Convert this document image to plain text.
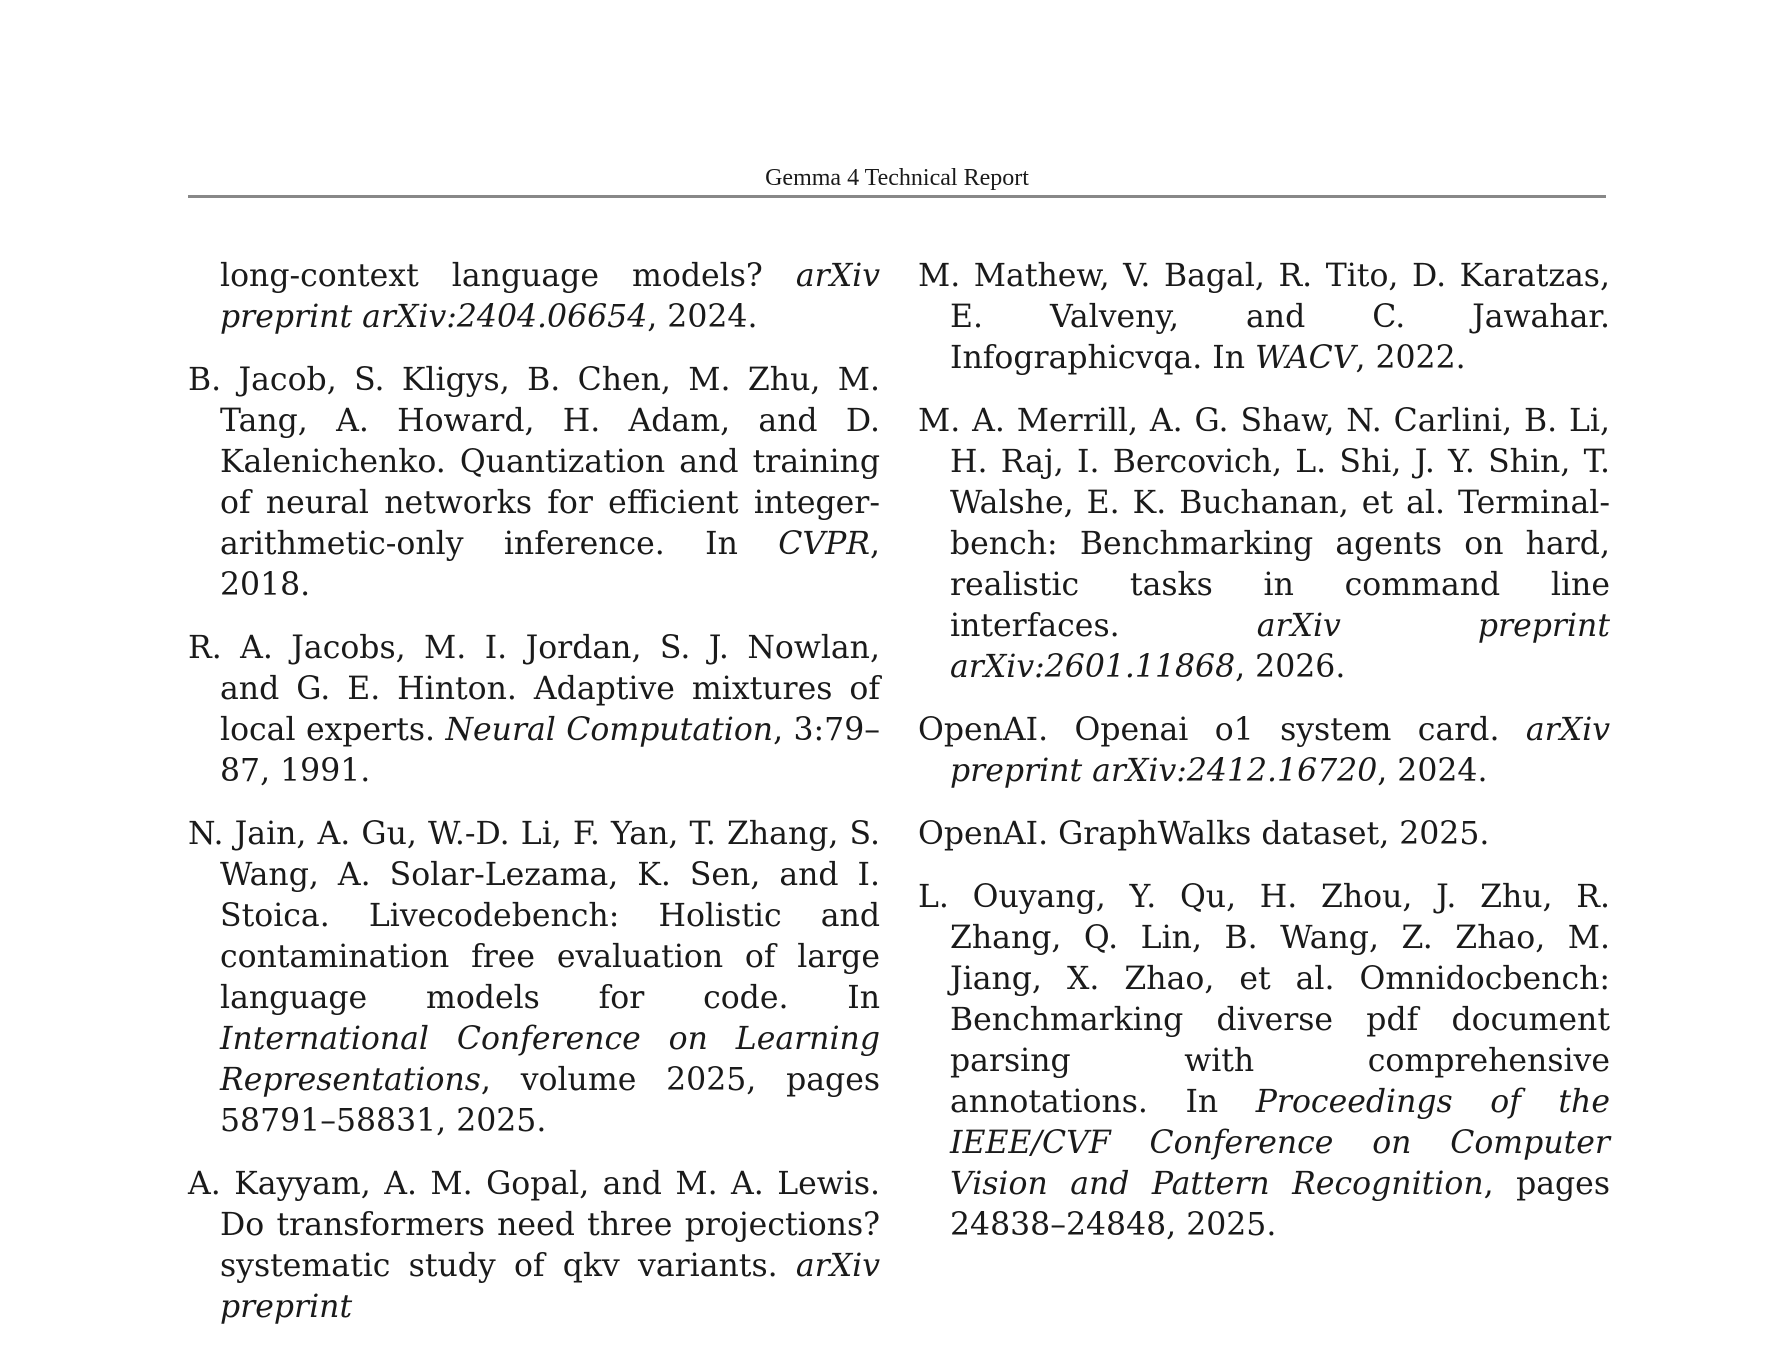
Gemma 4 Technical Report

long-context language models? arXiv preprint arXiv:2404.06654, 2024.

B. Jacob, S. Kligys, B. Chen, M. Zhu, M. Tang, A. Howard, H. Adam, and D. Kalenichenko. Quantization and training of neural networks for efficient integer-arithmetic-only inference. In CVPR, 2018.

R. A. Jacobs, M. I. Jordan, S. J. Nowlan, and G. E. Hinton. Adaptive mixtures of local experts. Neural Computation, 3:79–87, 1991.

N. Jain, A. Gu, W.-D. Li, F. Yan, T. Zhang, S. Wang, A. Solar-Lezama, K. Sen, and I. Stoica. Livecodebench: Holistic and contamination free evaluation of large language models for code. In International Conference on Learning Representations, volume 2025, pages 58791–58831, 2025.

A. Kayyam, A. M. Gopal, and M. A. Lewis. Do transformers need three projections? systematic study of qkv variants. arXiv preprint

M. Mathew, V. Bagal, R. Tito, D. Karatzas, E. Valveny, and C. Jawahar. Infographicvqa. In WACV, 2022.

M. A. Merrill, A. G. Shaw, N. Carlini, B. Li, H. Raj, I. Bercovich, L. Shi, J. Y. Shin, T. Walshe, E. K. Buchanan, et al. Terminal-bench: Benchmarking agents on hard, realistic tasks in command line interfaces. arXiv preprint arXiv:2601.11868, 2026.

OpenAI. Openai o1 system card. arXiv preprint arXiv:2412.16720, 2024.

OpenAI. GraphWalks dataset, 2025.

L. Ouyang, Y. Qu, H. Zhou, J. Zhu, R. Zhang, Q. Lin, B. Wang, Z. Zhao, M. Jiang, X. Zhao, et al. Omnidocbench: Benchmarking diverse pdf document parsing with comprehensive annotations. In Proceedings of the IEEE/CVF Conference on Computer Vision and Pattern Recognition, pages 24838–24848, 2025.
